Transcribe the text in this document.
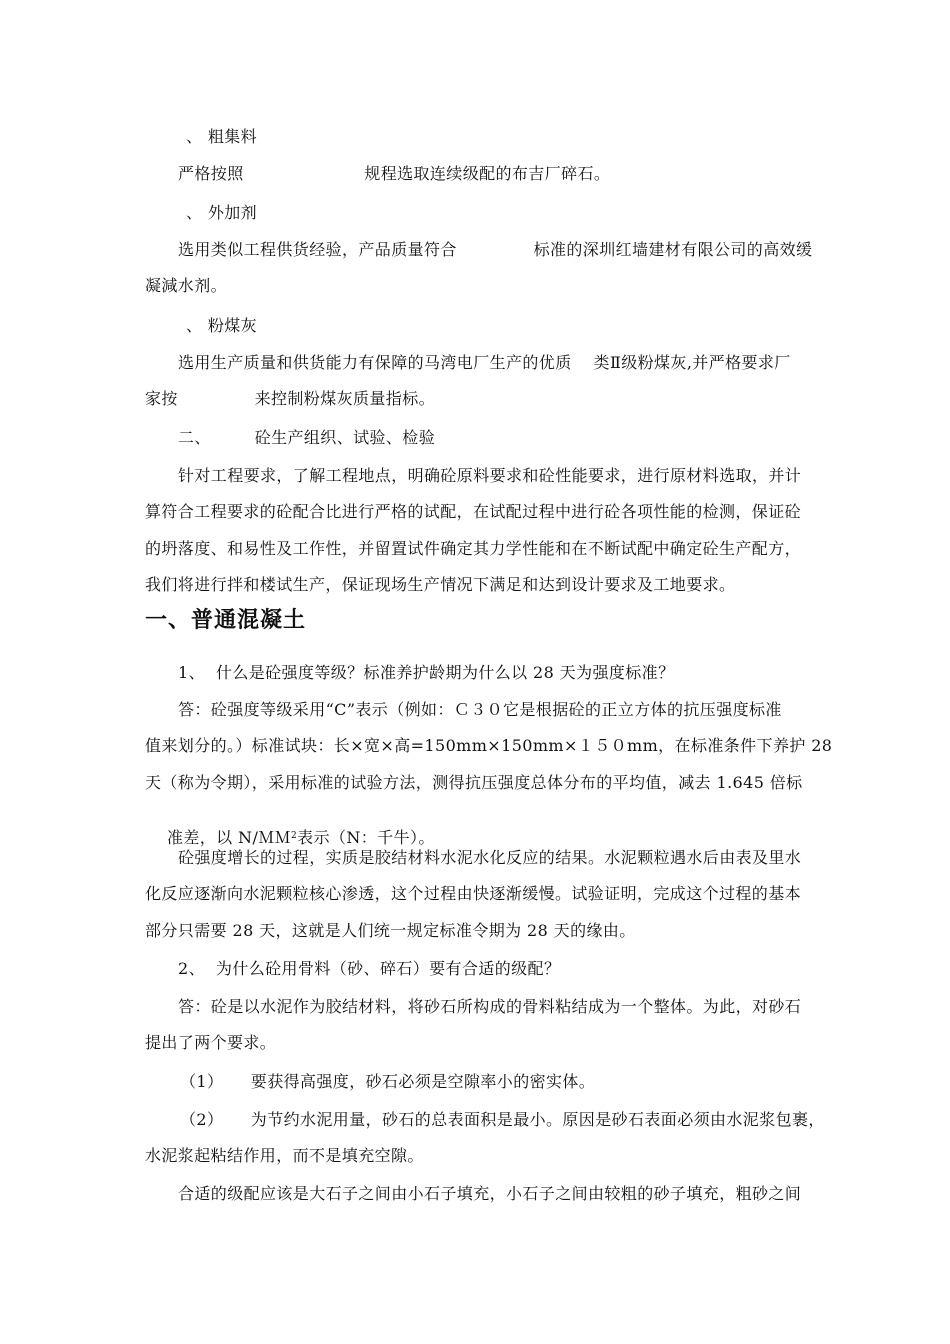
、 粗集料
严格按照                      规程选取连续级配的布吉厂碎石。
、 外加剂
选用类似工程供货经验，产品质量符合              标准的深圳红墙建材有限公司的高效缓
凝減水剂。
、 粉煤灰
选用生产质量和供货能力有保障的马湾电厂生产的优质    类Ⅱ级粉煤灰,并严格要求厂
家按              来控制粉煤灰质量指标。
二、        砼生产组织、试验、检验
针对工程要求，了解工程地点，明确砼原料要求和砼性能要求，进行原材料选取，并计
算符合工程要求的砼配合比进行严格的试配，在试配过程中进行砼各项性能的检测，保证砼
的坍落度、和易性及工作性，并留置试件确定其力学性能和在不断试配中确定砼生产配方，
我们将进行拌和楼试生产，保证现场生产情况下满足和达到设计要求及工地要求。
一、普通混凝土
1、  什么是砼强度等级？标准养护龄期为什么以 28 天为强度标准？
答：砼强度等级采用“C”表示（例如：Ｃ３０它是根据砼的正立方体的抗压强度标准
值来划分的。）标准试块：长×宽×高=150mm×150mm×１５０mm，在标准条件下养护 28
天（称为令期），采用标准的试验方法，测得抗压强度总体分布的平均值，减去 1.645 倍标

准差，以 N/ＭＭ$^2$表示（N：千牛）。

砼强度增长的过程，实质是胶结材料水泥水化反应的结果。水泥颗粒遇水后由表及里水
化反应逐渐向水泥颗粒核心渗透，这个过程由快逐渐缓慢。试验证明，完成这个过程的基本
部分只需要 28 天，这就是人们统一规定标准令期为 28 天的缘由。
2、  为什么砼用骨料（砂、碎石）要有合适的级配？
答：砼是以水泥作为胶结材料，将砂石所构成的骨料粘结成为一个整体。为此，对砂石
提出了两个要求。
（1）     要获得高强度，砂石必须是空隙率小的密实体。
（2）     为节约水泥用量，砂石的总表面积是最小。原因是砂石表面必须由水泥浆包裹，
水泥浆起粘结作用，而不是填充空隙。
合适的级配应该是大石子之间由小石子填充，小石子之间由较粗的砂子填充，粗砂之间
